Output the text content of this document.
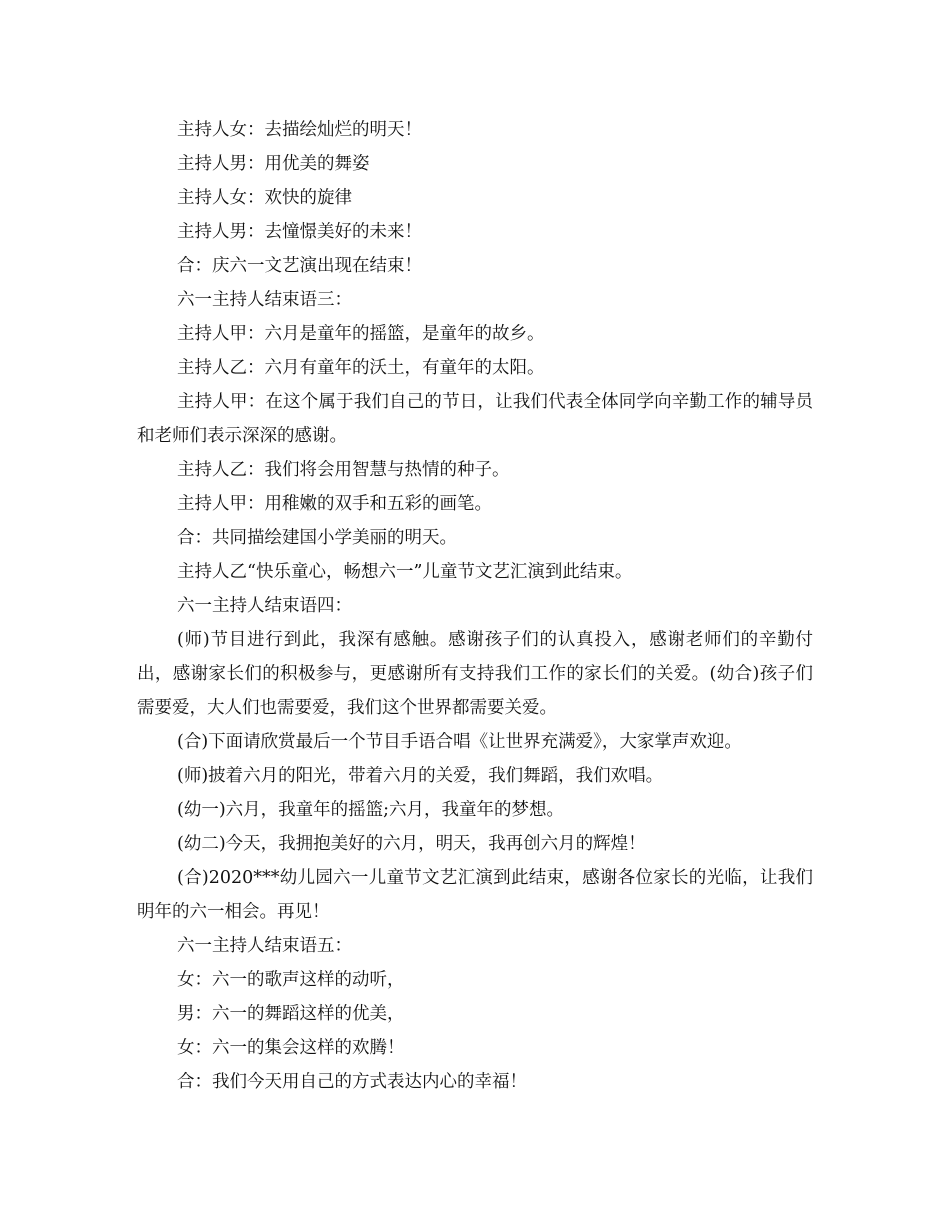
主持人女：去描绘灿烂的明天！

主持人男：用优美的舞姿

主持人女：欢快的旋律

主持人男：去憧憬美好的未来！

合：庆六一文艺演出现在结束！

六一主持人结束语三：

主持人甲：六月是童年的摇篮，是童年的故乡。

主持人乙：六月有童年的沃土，有童年的太阳。

主持人甲：在这个属于我们自己的节日，让我们代表全体同学向辛勤工作的辅导员和老师们表示深深的感谢。

主持人乙：我们将会用智慧与热情的种子。

主持人甲：用稚嫩的双手和五彩的画笔。

合：共同描绘建国小学美丽的明天。

主持人乙“快乐童心，畅想六一”儿童节文艺汇演到此结束。

六一主持人结束语四：

(师)节目进行到此，我深有感触。感谢孩子们的认真投入，感谢老师们的辛勤付出，感谢家长们的积极参与，更感谢所有支持我们工作的家长们的关爱。(幼合)孩子们需要爱，大人们也需要爱，我们这个世界都需要关爱。

(合)下面请欣赏最后一个节目手语合唱《让世界充满爱》，大家掌声欢迎。

(师)披着六月的阳光，带着六月的关爱，我们舞蹈，我们欢唱。

(幼一)六月，我童年的摇篮;六月，我童年的梦想。

(幼二)今天，我拥抱美好的六月，明天，我再创六月的辉煌！

(合)2020***幼儿园六一儿童节文艺汇演到此结束，感谢各位家长的光临，让我们明年的六一相会。再见！

六一主持人结束语五：

女：六一的歌声这样的动听，

男：六一的舞蹈这样的优美，

女：六一的集会这样的欢腾！

合：我们今天用自己的方式表达内心的幸福！
